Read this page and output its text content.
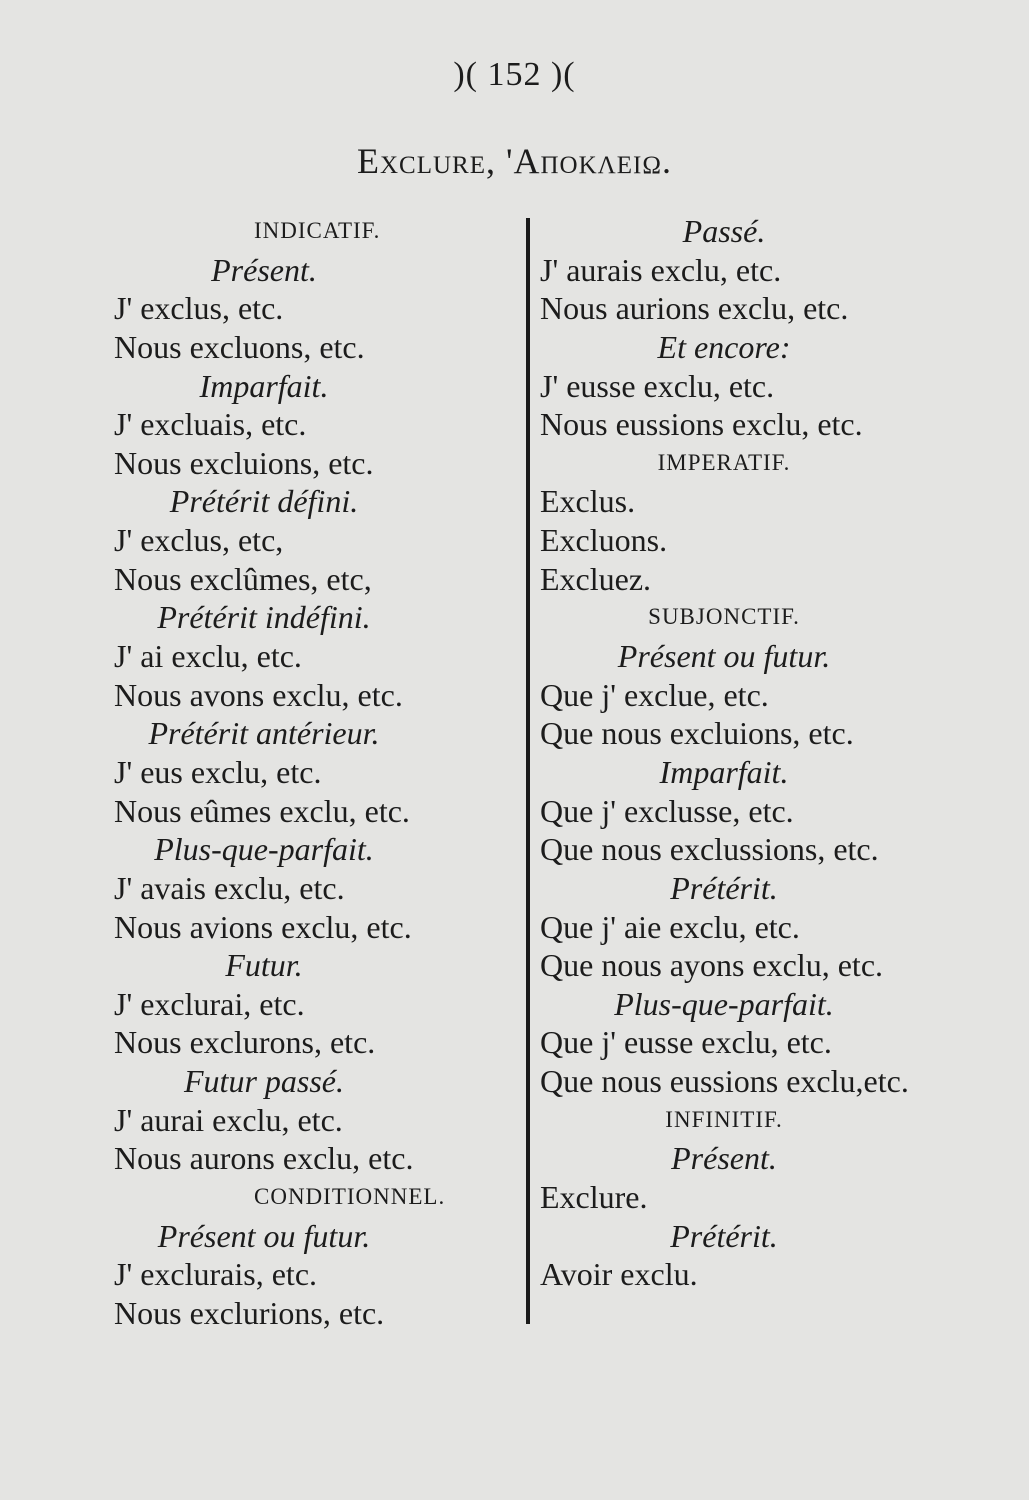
)( 152 )(
Exclure, 'Αποκλειω.
INDICATIF.
Présent.
J' exclus, etc.
Nous excluons, etc.
Imparfait.
J' excluais, etc.
Nous excluions, etc.
Prétérit défini.
J' exclus, etc,
Nous exclûmes, etc,
Prétérit indéfini.
J' ai exclu, etc.
Nous avons exclu, etc.
Prétérit antérieur.
J' eus exclu, etc.
Nous eûmes exclu, etc.
Plus-que-parfait.
J' avais exclu, etc.
Nous avions exclu, etc.
Futur.
J' exclurai, etc.
Nous exclurons, etc.
Futur passé.
J' aurai exclu, etc.
Nous aurons exclu, etc.
CONDITIONNEL.
Présent ou futur.
J' exclurais, etc.
Nous exclurions, etc.
Passé.
J' aurais exclu, etc.
Nous aurions exclu, etc.
Et encore:
J' eusse exclu, etc.
Nous eussions exclu, etc.
IMPERATIF.
Exclus.
Excluons.
Excluez.
SUBJONCTIF.
Présent ou futur.
Que j' exclue, etc.
Que nous excluions, etc.
Imparfait.
Que j' exclusse, etc.
Que nous exclussions, etc.
Prétérit.
Que j' aie exclu, etc.
Que nous ayons exclu, etc.
Plus-que-parfait.
Que j' eusse exclu, etc.
Que nous eussions exclu,etc.
INFINITIF.
Présent.
Exclure.
Prétérit.
Avoir exclu.
